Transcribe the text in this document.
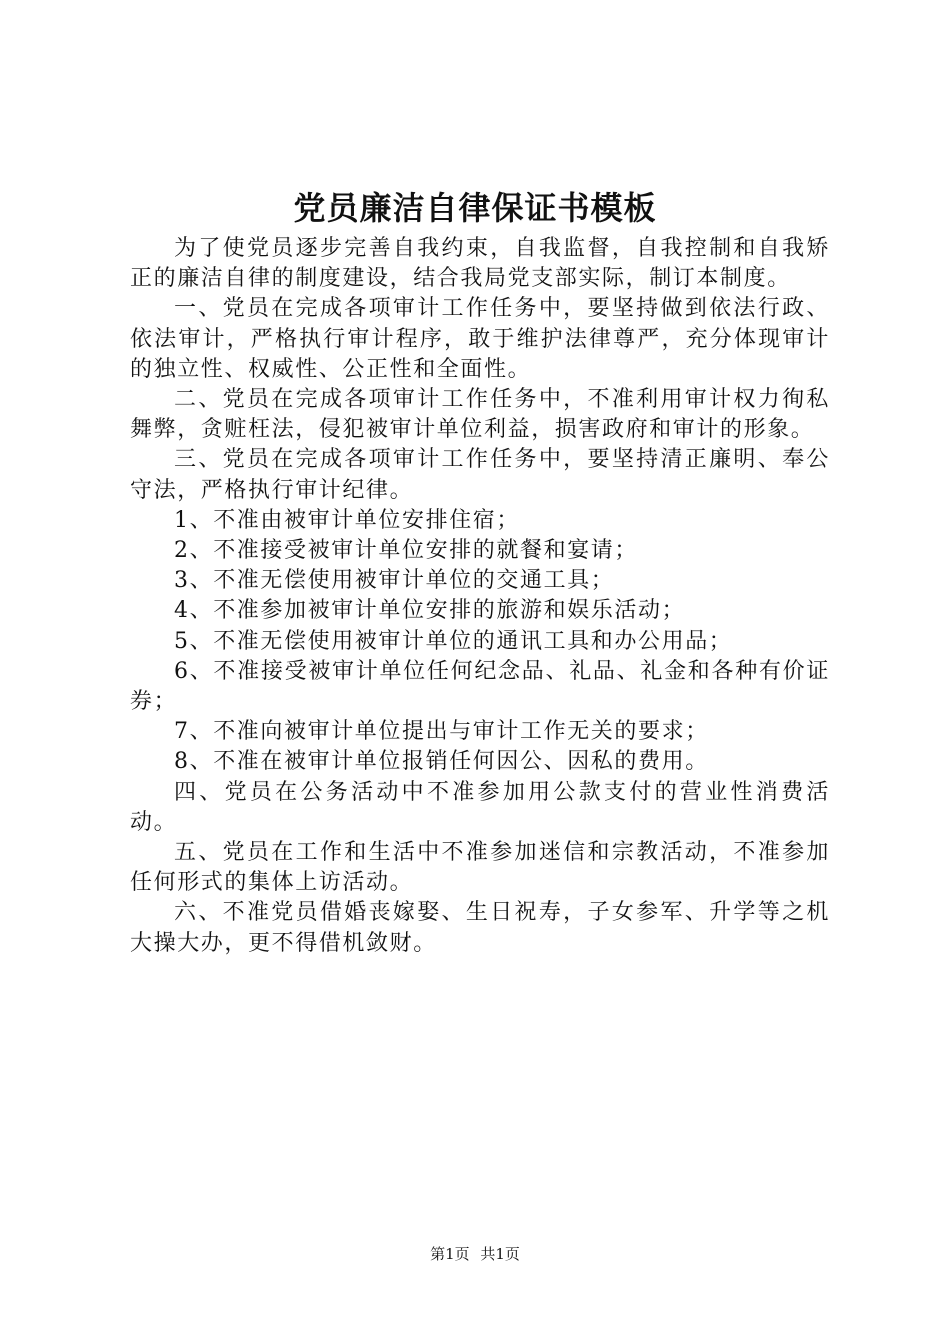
党员廉洁自律保证书模板

为了使党员逐步完善自我约束，自我监督，自我控制和自我矫正的廉洁自律的制度建设，结合我局党支部实际，制订本制度。

一、党员在完成各项审计工作任务中，要坚持做到依法行政、依法审计，严格执行审计程序，敢于维护法律尊严，充分体现审计的独立性、权威性、公正性和全面性。

二、党员在完成各项审计工作任务中，不准利用审计权力徇私舞弊，贪赃枉法，侵犯被审计单位利益，损害政府和审计的形象。

三、党员在完成各项审计工作任务中，要坚持清正廉明、奉公守法，严格执行审计纪律。

1、不准由被审计单位安排住宿；

2、不准接受被审计单位安排的就餐和宴请；

3、不准无偿使用被审计单位的交通工具；

4、不准参加被审计单位安排的旅游和娱乐活动；

5、不准无偿使用被审计单位的通讯工具和办公用品；

6、不准接受被审计单位任何纪念品、礼品、礼金和各种有价证券；

7、不准向被审计单位提出与审计工作无关的要求；

8、不准在被审计单位报销任何因公、因私的费用。

四、党员在公务活动中不准参加用公款支付的营业性消费活动。

五、党员在工作和生活中不准参加迷信和宗教活动，不准参加任何形式的集体上访活动。

六、不准党员借婚丧嫁娶、生日祝寿，子女参军、升学等之机大操大办，更不得借机敛财。

第1页 共1页
